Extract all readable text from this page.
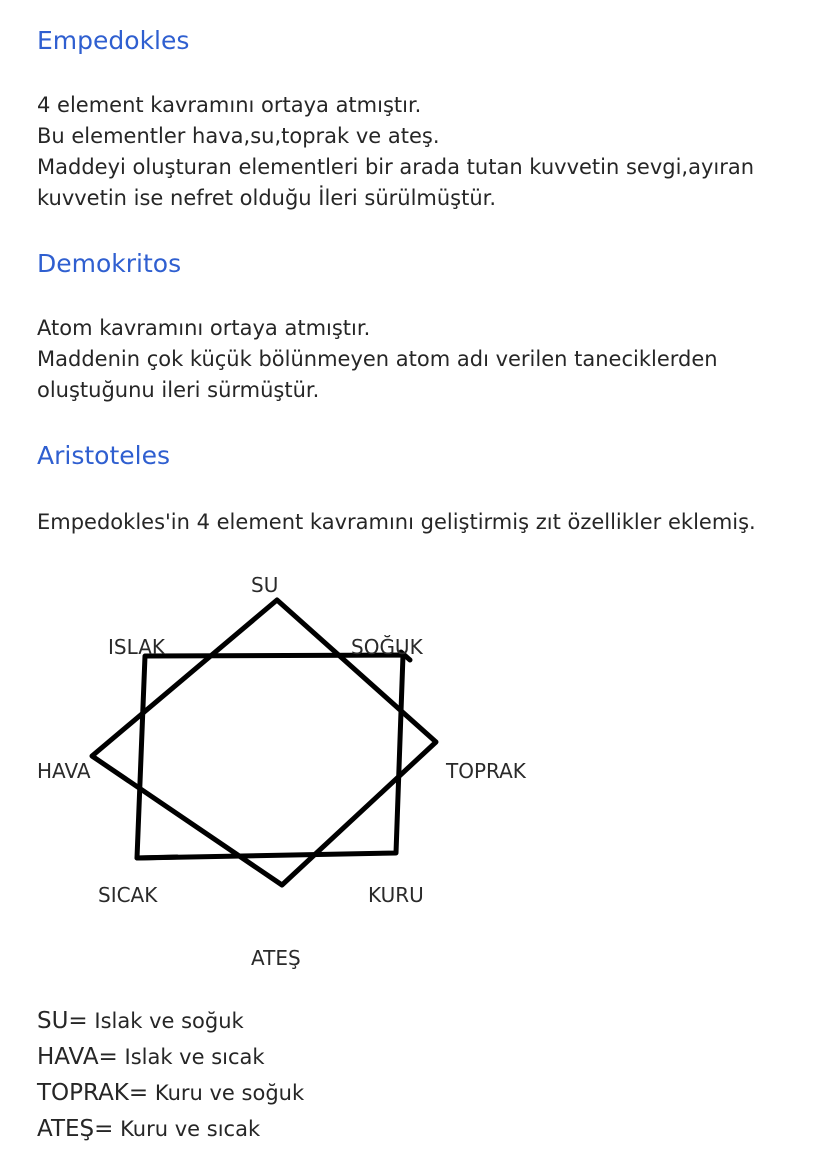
Empedokles
4 element kavramını ortaya atmıştır.
Bu elementler hava,su,toprak ve ateş.
Maddeyi oluşturan elementleri bir arada tutan kuvvetin sevgi,ayıran
kuvvetin ise nefret olduğu İleri sürülmüştür.
Demokritos
Atom kavramını ortaya atmıştır.
Maddenin çok küçük bölünmeyen atom adı verilen taneciklerden
oluştuğunu ileri sürmüştür.
Aristoteles
Empedokles'in 4 element kavramını geliştirmiş zıt özellikler eklemiş.
SU
ISLAK	SOĞUK
HAVA	TOPRAK
SICAK	KURU
ATEŞ
SU= Islak ve soğuk
HAVA= Islak ve sıcak
TOPRAK= Kuru ve soğuk
ATEŞ= Kuru ve sıcak
